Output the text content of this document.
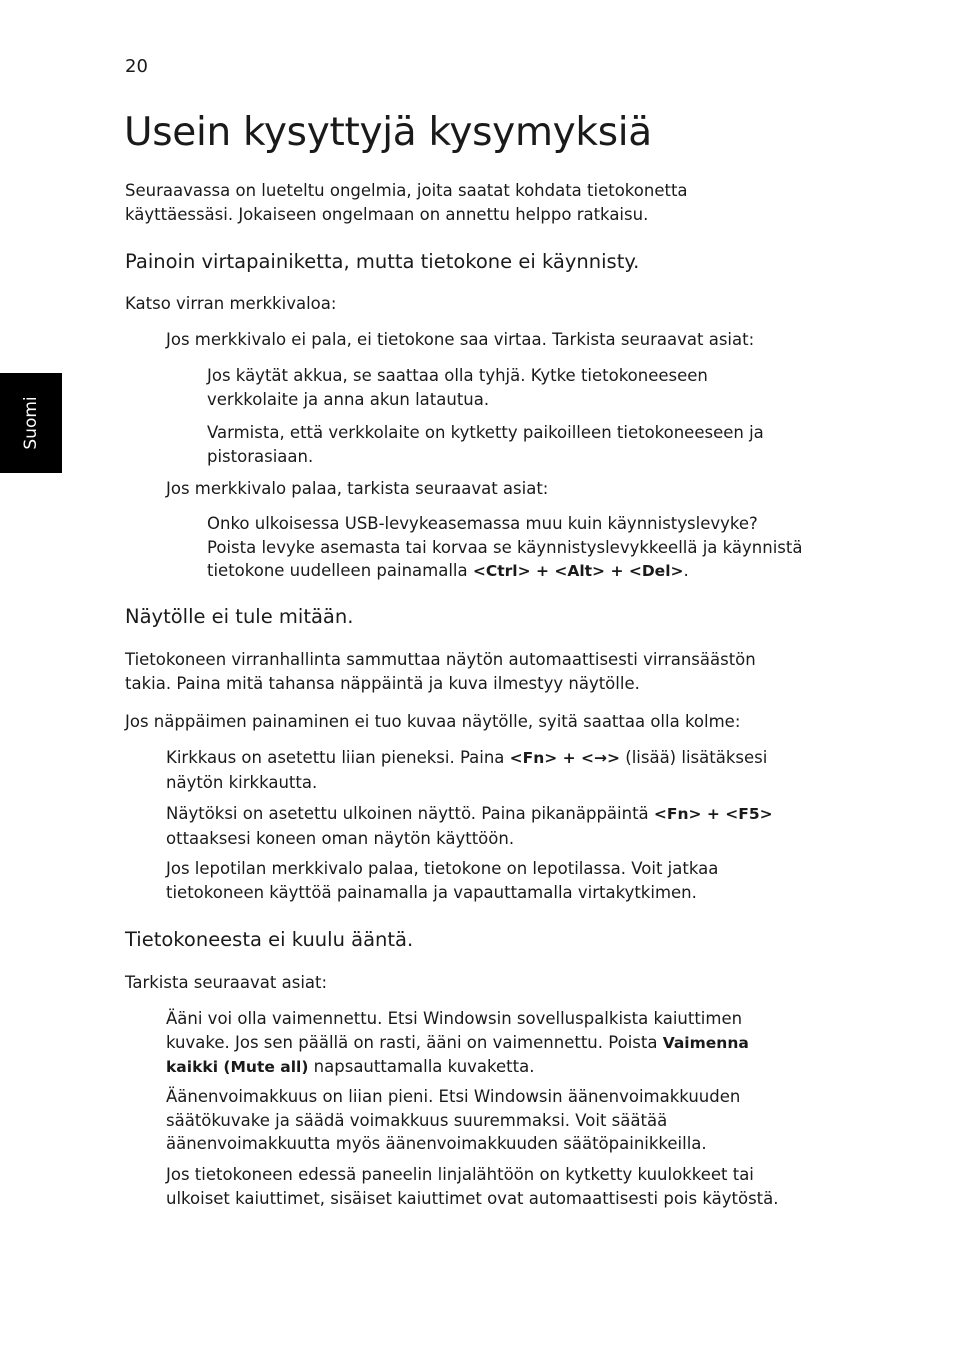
20
Suomi
Usein kysyttyjä kysymyksiä
Seuraavassa on lueteltu ongelmia, joita saatat kohdata tietokonetta
käyttäessäsi. Jokaiseen ongelmaan on annettu helppo ratkaisu.
Painoin virtapainiketta, mutta tietokone ei käynnisty.
Katso virran merkkivaloa:
Jos merkkivalo ei pala, ei tietokone saa virtaa. Tarkista seuraavat asiat:
Jos käytät akkua, se saattaa olla tyhjä. Kytke tietokoneeseen
verkkolaite ja anna akun latautua.
Varmista, että verkkolaite on kytketty paikoilleen tietokoneeseen ja
pistorasiaan.
Jos merkkivalo palaa, tarkista seuraavat asiat:
Onko ulkoisessa USB-levykeasemassa muu kuin käynnistyslevyke?
Poista levyke asemasta tai korvaa se käynnistyslevykkeellä ja käynnistä
tietokone uudelleen painamalla <Ctrl> + <Alt> + <Del>.
Näytölle ei tule mitään.
Tietokoneen virranhallinta sammuttaa näytön automaattisesti virransäästön
takia. Paina mitä tahansa näppäintä ja kuva ilmestyy näytölle.
Jos näppäimen painaminen ei tuo kuvaa näytölle, syitä saattaa olla kolme:
Kirkkaus on asetettu liian pieneksi. Paina <Fn> + <→> (lisää) lisätäksesi
näytön kirkkautta.
Näytöksi on asetettu ulkoinen näyttö. Paina pikanäppäintä <Fn> + <F5>
ottaaksesi koneen oman näytön käyttöön.
Jos lepotilan merkkivalo palaa, tietokone on lepotilassa. Voit jatkaa
tietokoneen käyttöä painamalla ja vapauttamalla virtakytkimen.
Tietokoneesta ei kuulu ääntä.
Tarkista seuraavat asiat:
Ääni voi olla vaimennettu. Etsi Windowsin sovelluspalkista kaiuttimen
kuvake. Jos sen päällä on rasti, ääni on vaimennettu. Poista Vaimenna
kaikki (Mute all) napsauttamalla kuvaketta.
Äänenvoimakkuus on liian pieni. Etsi Windowsin äänenvoimakkuuden
säätökuvake ja säädä voimakkuus suuremmaksi. Voit säätää
äänenvoimakkuutta myös äänenvoimakkuuden säätöpainikkeilla.
Jos tietokoneen edessä paneelin linjalähtöön on kytketty kuulokkeet tai
ulkoiset kaiuttimet, sisäiset kaiuttimet ovat automaattisesti pois käytöstä.
